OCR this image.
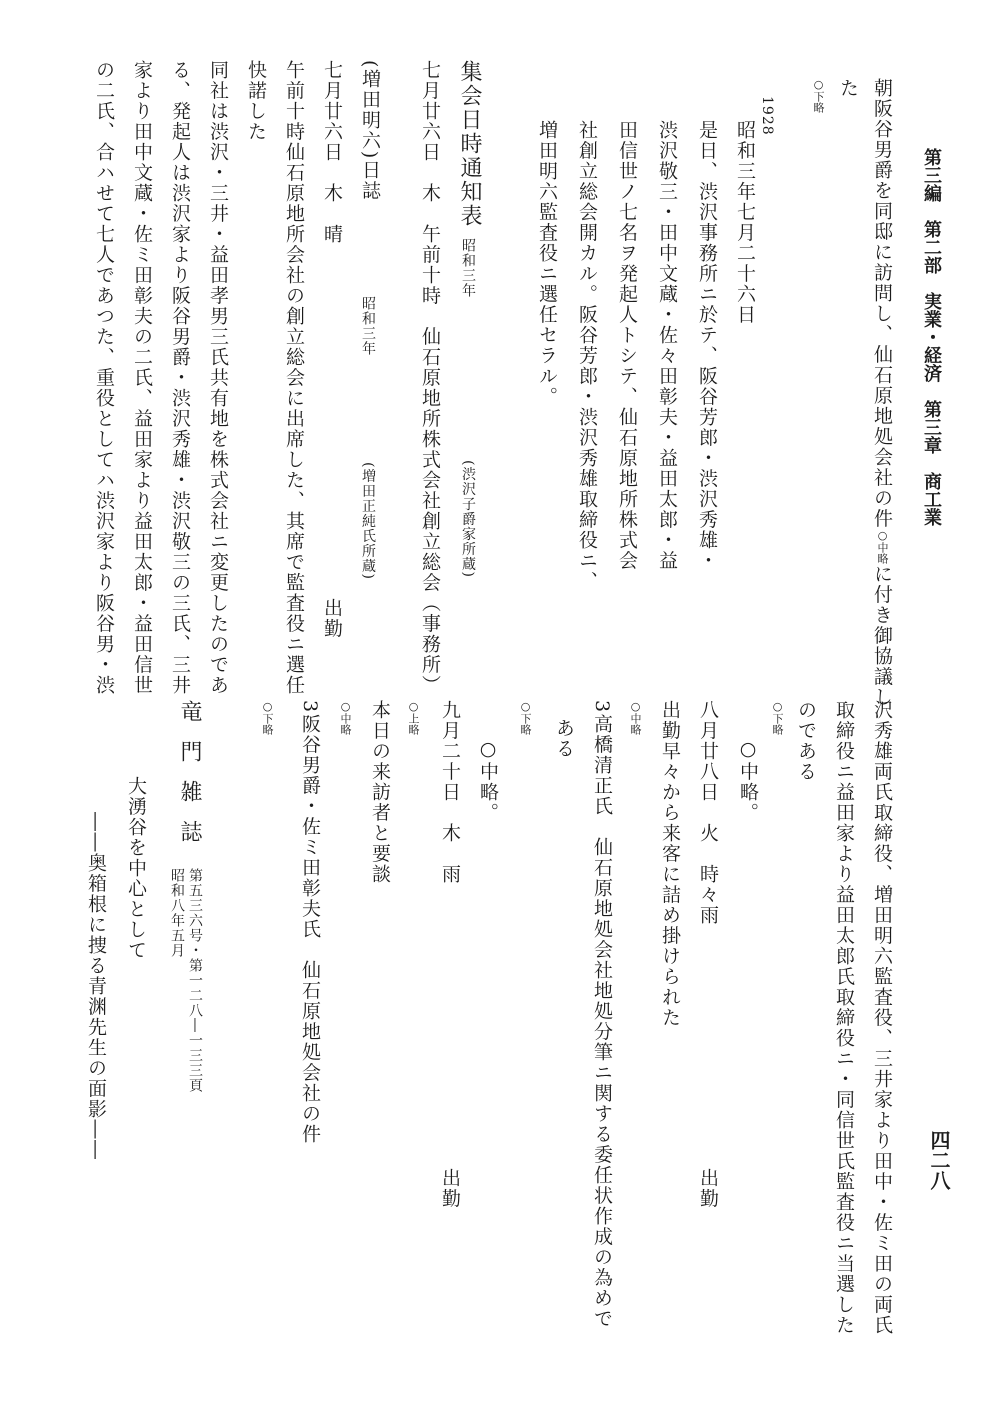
第三編　第二部　実業・経済　第三章　商工業
四二八
朝阪谷男爵を同邸に訪問し、仙石原地処会社の件○中略に付き御協議し
た
○下略
1928
昭和三年七月二十六日
是日、渋沢事務所ニ於テ、阪谷芳郎・渋沢秀雄・
渋沢敬三・田中文蔵・佐々田彰夫・益田太郎・益
田信世ノ七名ヲ発起人トシテ、仙石原地所株式会
社創立総会開カル。阪谷芳郎・渋沢秀雄取締役ニ、
増田明六監査役ニ選任セラル。
集会日時通知表
昭和三年
(渋沢子爵家所蔵)
七月廿六日　木　午前十時　仙石原地所株式会社創立総会（事務所）
(増田明六)日誌
昭和三年
(増田正純氏所蔵)
七月廿六日　木　晴
出勤
午前十時仙石原地所会社の創立総会に出席した、其席で監査役ニ選任
快諾した
同社は渋沢・三井・益田孝男三氏共有地を株式会社ニ変更したのであ
る、発起人は渋沢家より阪谷男爵・渋沢秀雄・渋沢敬三の三氏、三井
家より田中文蔵・佐ミ田彰夫の二氏、益田家より益田太郎・益田信世
の二氏、合ハせて七人であつた、重役としてハ渋沢家より阪谷男・渋
沢秀雄両氏取締役、増田明六監査役、三井家より田中・佐ミ田の両氏
取締役ニ益田家より益田太郎氏取締役ニ・同信世氏監査役ニ当選した
のである
○下略
○中略。
八月廿八日　火　時々雨
出勤
出勤早々から来客に詰め掛けられた
○中略
3高橋清正氏　仙石原地処会社地処分筆ニ関する委任状作成の為めで
ある
○下略
○中略。
九月二十日　木　雨
出勤
○上略
本日の来訪者と要談
○中略
3阪谷男爵・佐ミ田彰夫氏　仙石原地処会社の件
○下略
竜門雑誌
第五三六号・第一二八―一三三頁
昭和八年五月
大湧谷を中心として
――奥箱根に捜る青渊先生の面影――
